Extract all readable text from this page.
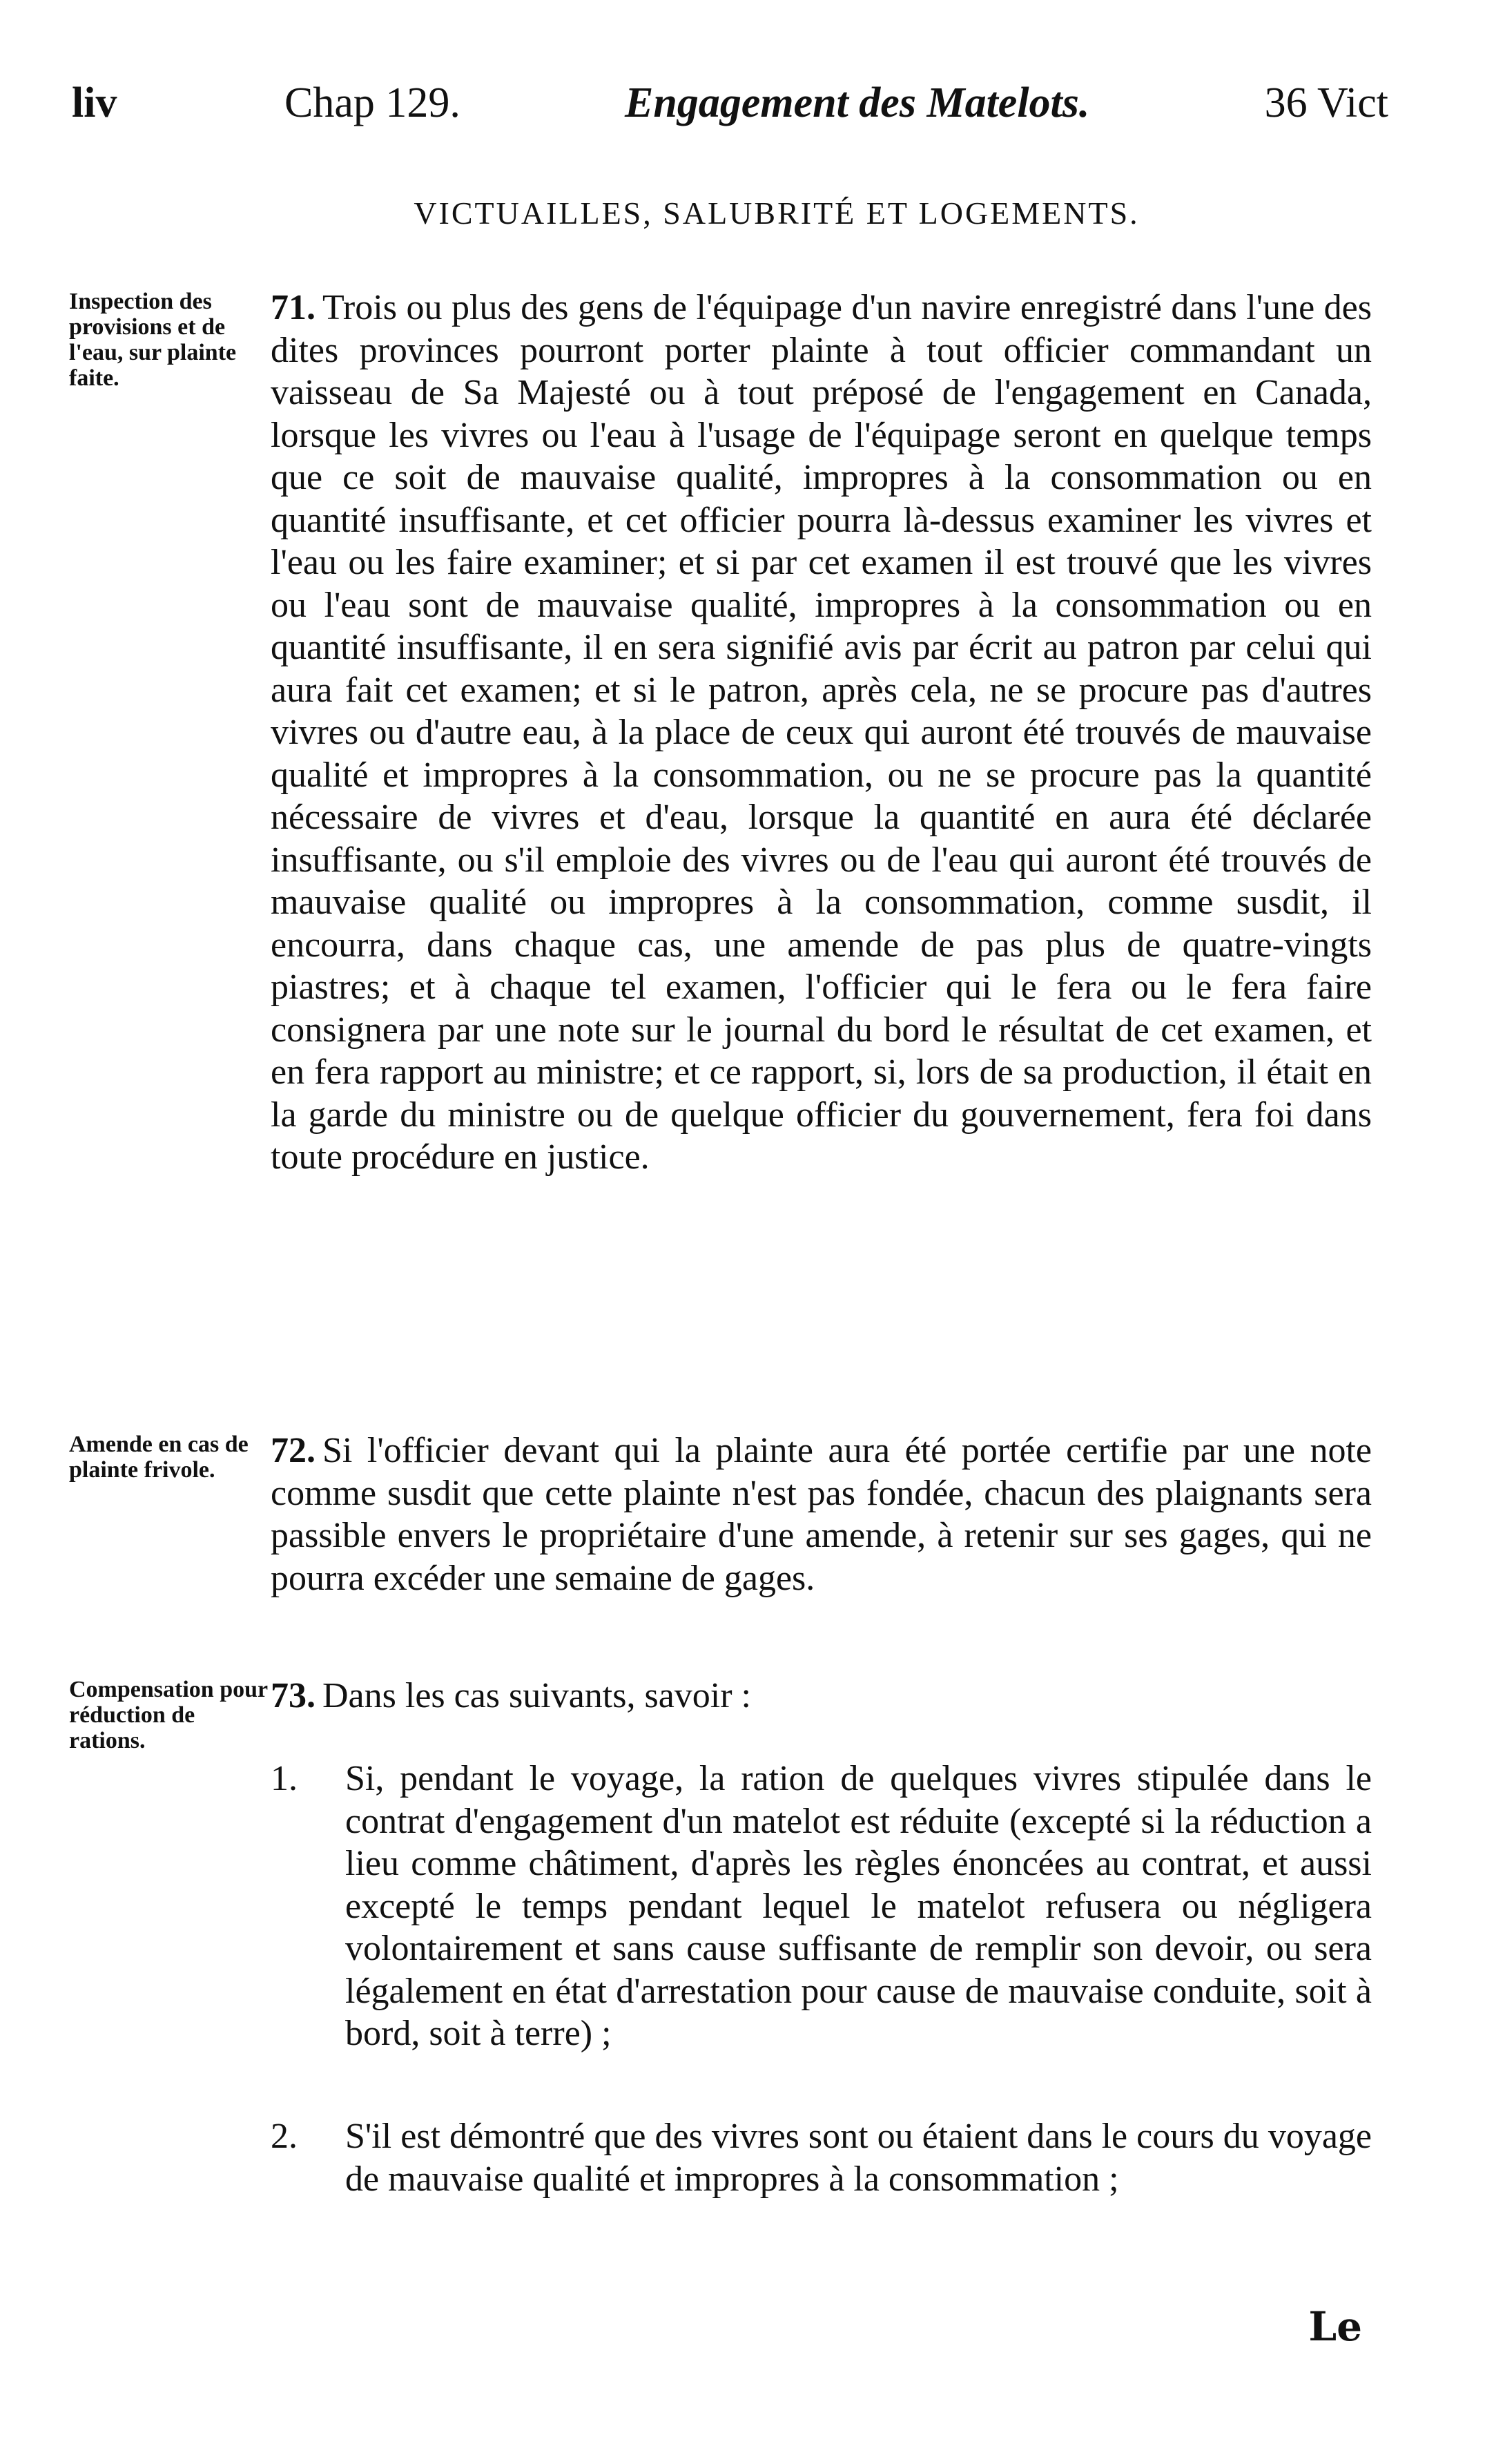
liv	Chap 129.	Engagement des Matelots.	36 Vict
VICTUAILLES, SALUBRITÉ ET LOGEMENTS.
Inspection des provisions et de l'eau, sur plainte faite.

71. Trois ou plus des gens de l'équipage d'un navire enregistré dans l'une des dites provinces pourront porter plainte à tout officier commandant un vaisseau de Sa Majesté ou à tout préposé de l'engagement en Canada, lorsque les vivres ou l'eau à l'usage de l'équipage seront en quelque temps que ce soit de mauvaise qualité, impropres à la consommation ou en quantité insuffisante, et cet officier pourra là-dessus examiner les vivres et l'eau ou les faire examiner; et si par cet examen il est trouvé que les vivres ou l'eau sont de mauvaise qualité, impropres à la consommation ou en quantité insuffisante, il en sera signifié avis par écrit au patron par celui qui aura fait cet examen; et si le patron, après cela, ne se procure pas d'autres vivres ou d'autre eau, à la place de ceux qui auront été trouvés de mauvaise qualité et impropres à la consommation, ou ne se procure pas la quantité nécessaire de vivres et d'eau, lorsque la quantité en aura été déclarée insuffisante, ou s'il emploie des vivres ou de l'eau qui auront été trouvés de mauvaise qualité ou impropres à la consommation, comme susdit, il encourra, dans chaque cas, une amende de pas plus de quatre-vingts piastres; et à chaque tel examen, l'officier qui le fera ou le fera faire consignera par une note sur le journal du bord le résultat de cet examen, et en fera rapport au ministre; et ce rapport, si, lors de sa production, il était en la garde du ministre ou de quelque officier du gouvernement, fera foi dans toute procédure en justice.

Amende en cas de plainte frivole.	72. Si l'officier devant qui la plainte aura été portée certifie par une note comme susdit que cette plainte n'est pas fondée, chacun des plaignants sera passible envers le propriétaire d'une amende, à retenir sur ses gages, qui ne pourra excéder une semaine de gages.

Compensation pour réduction de rations.

73. Dans les cas suivants, savoir :

1.	Si, pendant le voyage, la ration de quelques vivres stipulée dans le contrat d'engagement d'un matelot est réduite (excepté si la réduction a lieu comme châtiment, d'après les règles énoncées au contrat, et aussi excepté le temps pendant lequel le matelot refusera ou négligera volontairement et sans cause suffisante de remplir son devoir, ou sera légalement en état d'arrestation pour cause de mauvaise conduite, soit à bord, soit à terre) ;
2.	S'il est démontré que des vivres sont ou étaient dans le cours du voyage de mauvaise qualité et impropres à la consommation ;
Le
